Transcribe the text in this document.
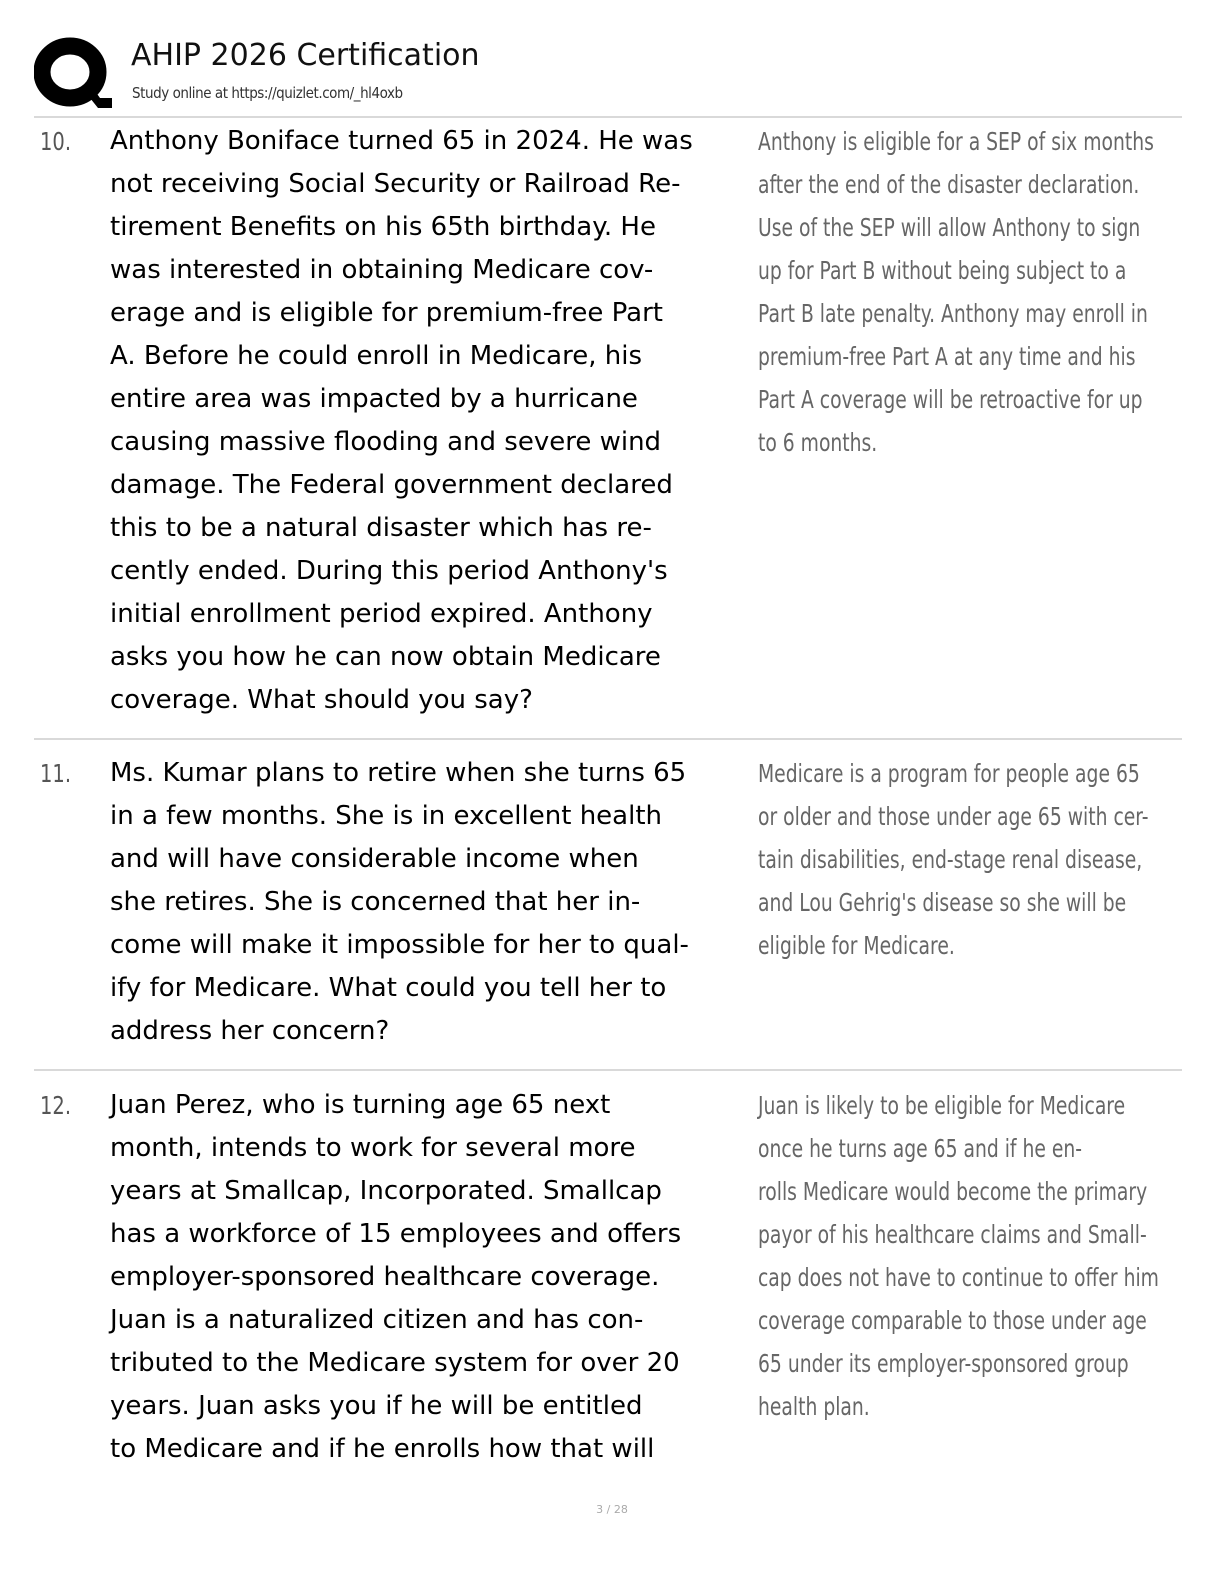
AHIP 2026 Certification
Study online at https://quizlet.com/_hl4oxb
10. Anthony Boniface turned 65 in 2024. He was
not receiving Social Security or Railroad Re-
tirement Benefits on his 65th birthday. He
was interested in obtaining Medicare cov-
erage and is eligible for premium-free Part
A. Before he could enroll in Medicare, his
entire area was impacted by a hurricane
causing massive flooding and severe wind
damage. The Federal government declared
this to be a natural disaster which has re-
cently ended. During this period Anthony's
initial enrollment period expired. Anthony
asks you how he can now obtain Medicare
coverage. What should you say?
Anthony is eligible for a SEP of six months
after the end of the disaster declaration.
Use of the SEP will allow Anthony to sign
up for Part B without being subject to a
Part B late penalty. Anthony may enroll in
premium-free Part A at any time and his
Part A coverage will be retroactive for up
to 6 months.
11. Ms. Kumar plans to retire when she turns 65
in a few months. She is in excellent health
and will have considerable income when
she retires. She is concerned that her in-
come will make it impossible for her to qual-
ify for Medicare. What could you tell her to
address her concern?
Medicare is a program for people age 65
or older and those under age 65 with cer-
tain disabilities, end-stage renal disease,
and Lou Gehrig's disease so she will be
eligible for Medicare.
12. Juan Perez, who is turning age 65 next
month, intends to work for several more
years at Smallcap, Incorporated. Smallcap
has a workforce of 15 employees and offers
employer-sponsored healthcare coverage.
Juan is a naturalized citizen and has con-
tributed to the Medicare system for over 20
years. Juan asks you if he will be entitled
to Medicare and if he enrolls how that will
Juan is likely to be eligible for Medicare
once he turns age 65 and if he en-
rolls Medicare would become the primary
payor of his healthcare claims and Small-
cap does not have to continue to offer him
coverage comparable to those under age
65 under its employer-sponsored group
health plan.
3 / 28
